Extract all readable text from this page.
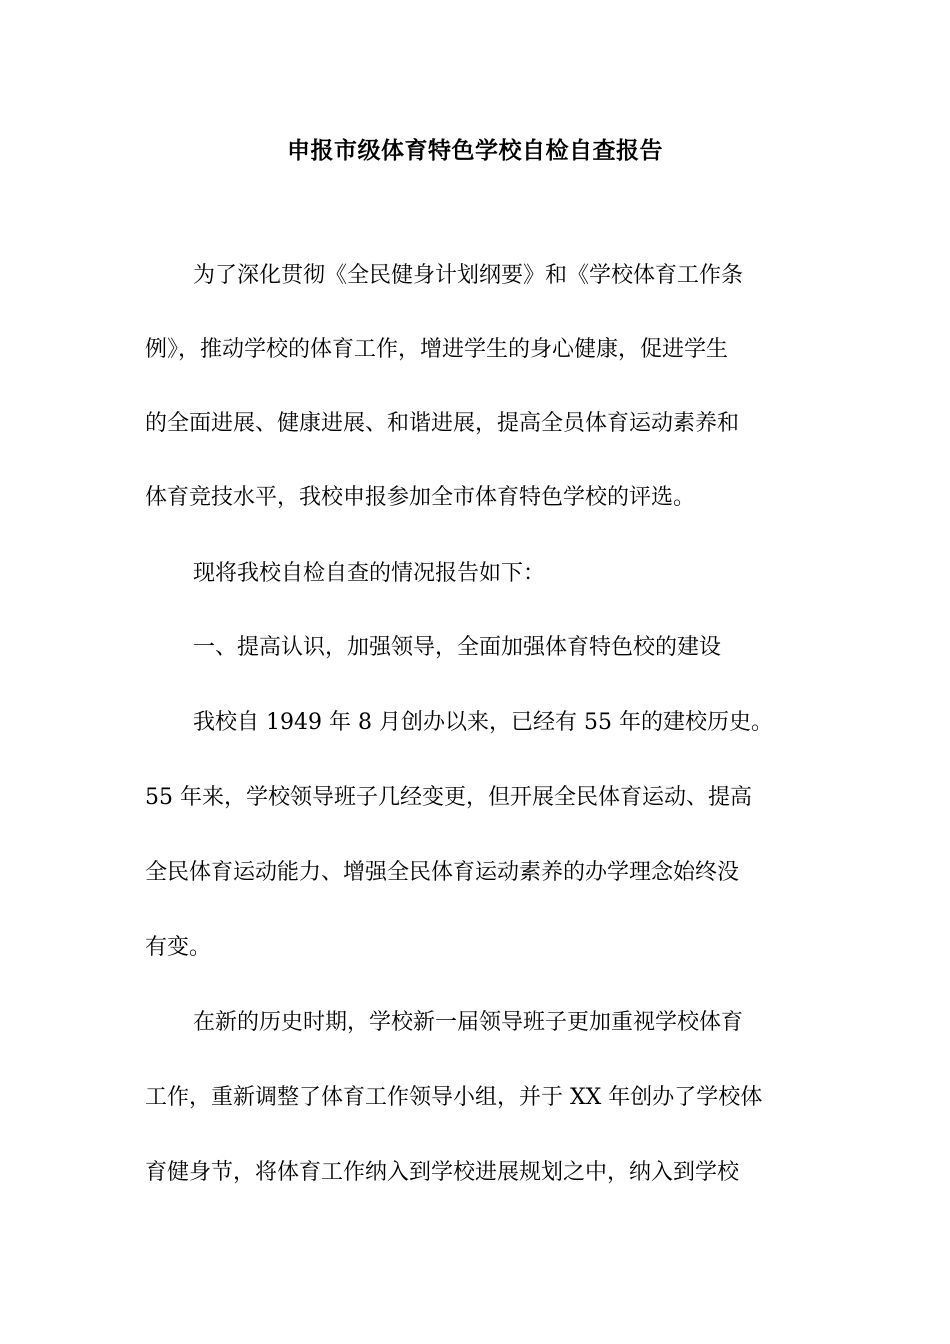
申报市级体育特色学校自检自查报告

为了深化贯彻《全民健身计划纲要》和《学校体育工作条

例》，推动学校的体育工作，增进学生的身心健康，促进学生

的全面进展、健康进展、和谐进展，提高全员体育运动素养和

体育竞技水平，我校申报参加全市体育特色学校的评选。

现将我校自检自查的情况报告如下：

一、提高认识，加强领导，全面加强体育特色校的建设

我校自 1949 年 8 月创办以来，已经有 55 年的建校历史。

55 年来，学校领导班子几经变更，但开展全民体育运动、提高

全民体育运动能力、增强全民体育运动素养的办学理念始终没

有变。

在新的历史时期，学校新一届领导班子更加重视学校体育

工作，重新调整了体育工作领导小组，并于 XX 年创办了学校体

育健身节，将体育工作纳入到学校进展规划之中，纳入到学校
